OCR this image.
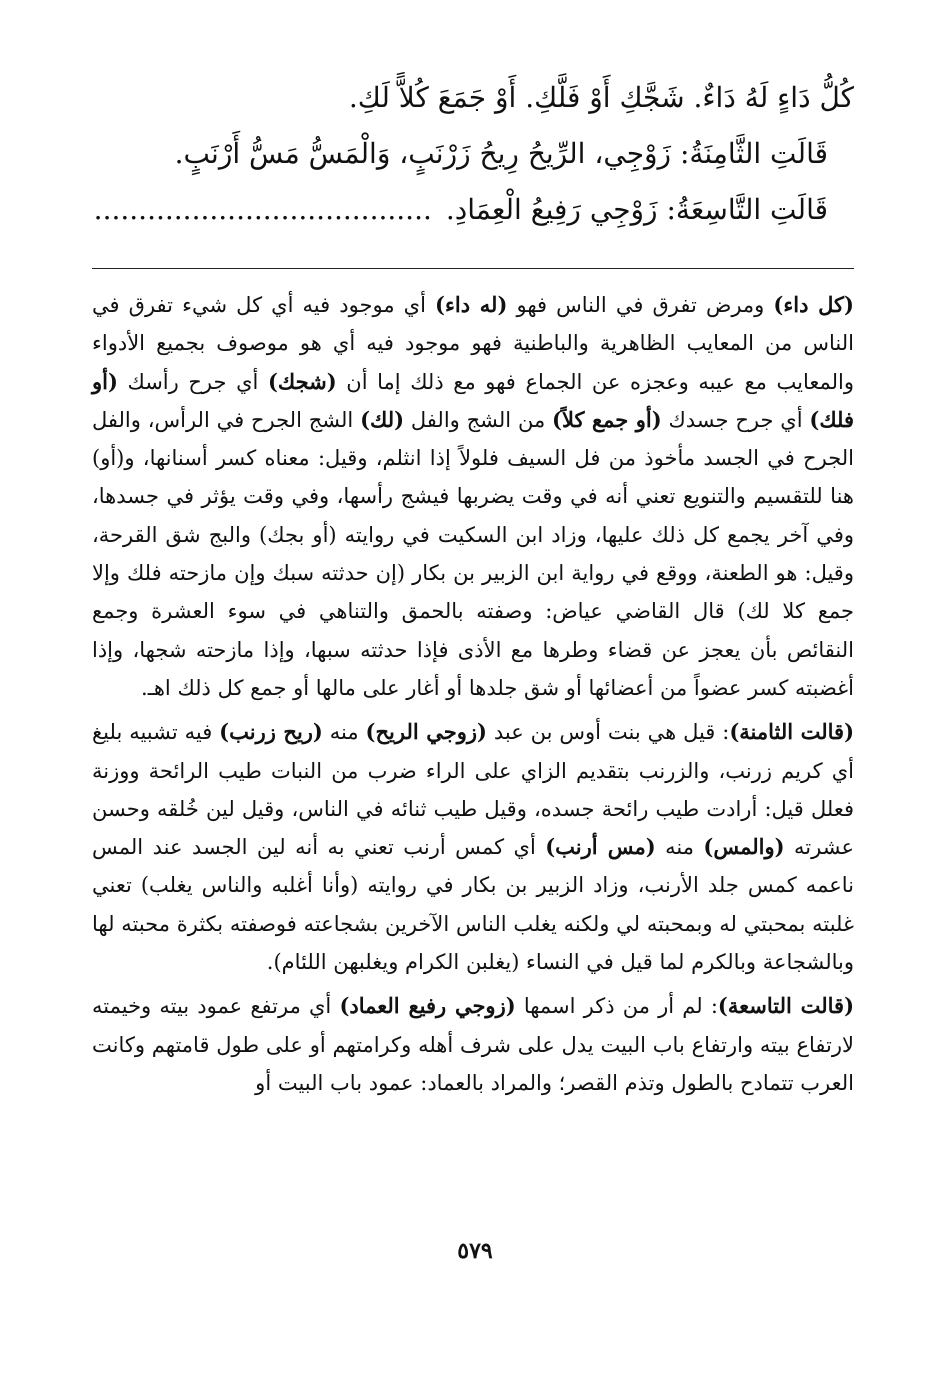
كُلُّ دَاءٍ لَهُ دَاءٌ. شَجَّكِ أَوْ فَلَّكِ. أَوْ جَمَعَ كُلاًّ لَكِ.
قَالَتِ الثَّامِنَةُ: زَوْجِي، الرِّيحُ رِيحُ زَرْنَبٍ، وَالْمَسُّ مَسُّ أَرْنَبٍ.
قَالَتِ التَّاسِعَةُ: زَوْجِي رَفِيعُ الْعِمَادِ.......................................

(كل داء) ومرض تفرق في الناس فهو (له داء) أي موجود فيه أي كل شيء تفرق في الناس من المعايب الظاهرية والباطنية فهو موجود فيه أي هو موصوف بجميع الأدواء والمعايب مع عيبه وعجزه عن الجماع فهو مع ذلك إما أن (شجك) أي جرح رأسك (أو فلك) أي جرح جسدك (أو جمع كلاً) من الشج والفل (لك) الشج الجرح في الرأس، والفل الجرح في الجسد مأخوذ من فل السيف فلولاً إذا انثلم، وقيل: معناه كسر أسنانها، و(أو) هنا للتقسيم والتنويع تعني أنه في وقت يضربها فيشج رأسها، وفي وقت يؤثر في جسدها، وفي آخر يجمع كل ذلك عليها، وزاد ابن السكيت في روايته (أو بجك) والبج شق القرحة، وقيل: هو الطعنة، ووقع في رواية ابن الزبير بن بكار (إن حدثته سبك وإن مازحته فلك وإلا جمع كلا لك) قال القاضي عياض: وصفته بالحمق والتناهي في سوء العشرة وجمع النقائص بأن يعجز عن قضاء وطرها مع الأذى فإذا حدثته سبها، وإذا مازحته شجها، وإذا أغضبته كسر عضواً من أعضائها أو شق جلدها أو أغار على مالها أو جمع كل ذلك اهـ.

(قالت الثامنة): قيل هي بنت أوس بن عبد (زوجي الريح) منه (ريح زرنب) فيه تشبيه بليغ أي كريم زرنب، والزرنب بتقديم الزاي على الراء ضرب من النبات طيب الرائحة ووزنة فعلل قيل: أرادت طيب رائحة جسده، وقيل طيب ثنائه في الناس، وقيل لين خُلقه وحسن عشرته (والمس) منه (مس أرنب) أي كمس أرنب تعني به أنه لين الجسد عند المس ناعمه كمس جلد الأرنب، وزاد الزبير بن بكار في روايته (وأنا أغلبه والناس يغلب) تعني غلبته بمحبتي له وبمحبته لي ولكنه يغلب الناس الآخرين بشجاعته فوصفته بكثرة محبته لها وبالشجاعة وبالكرم لما قيل في النساء (يغلبن الكرام ويغلبهن اللئام).

(قالت التاسعة): لم أر من ذكر اسمها (زوجي رفيع العماد) أي مرتفع عمود بيته وخيمته لارتفاع بيته وارتفاع باب البيت يدل على شرف أهله وكرامتهم أو على طول قامتهم وكانت العرب تتمادح بالطول وتذم القصر؛ والمراد بالعماد: عمود باب البيت أو

٥٧٩
